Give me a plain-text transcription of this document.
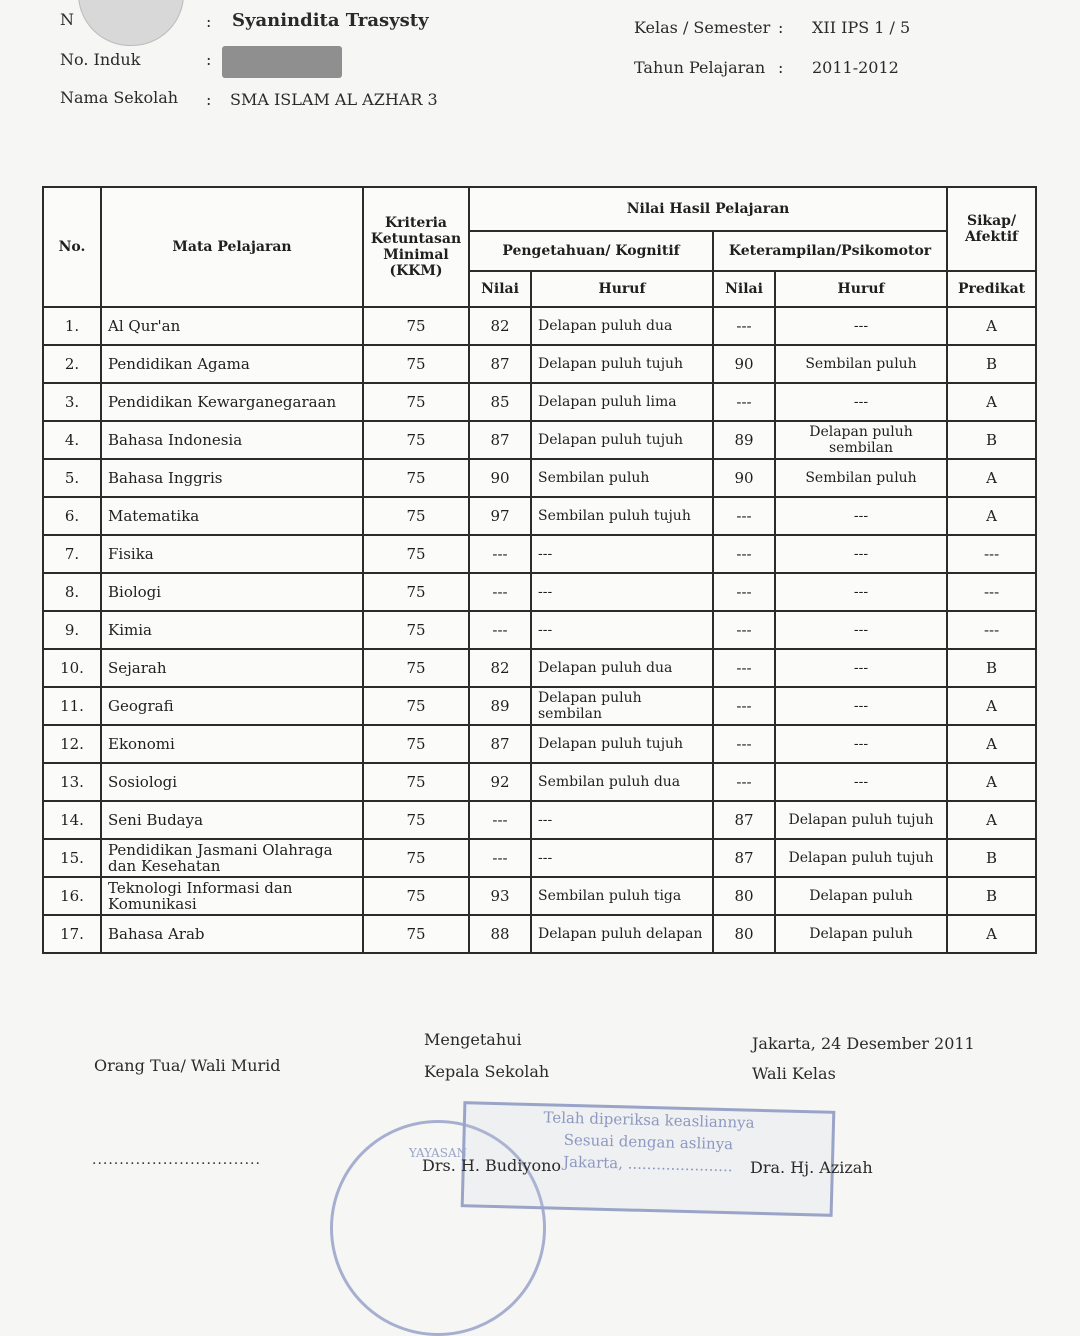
N	: Syanindita Trasysty
No. Induk	:
Nama Sekolah : SMA ISLAM AL AZHAR 3
Kelas / Semester : XII IPS 1 / 5
Tahun Pelajaran : 2011-2012
No.	Mata Pelajaran	Kriteria Ketuntasan Minimal (KKM)	Nilai Hasil Pelajaran				Sikap/ Afektif
			Pengetahuan/ Kognitif		Keterampilan/Psikomotor		
			Nilai	Huruf	Nilai	Huruf	Predikat
1.	Al Qur'an	75	82	Delapan puluh dua	---	---	A
2.	Pendidikan Agama	75	87	Delapan puluh tujuh	90	Sembilan puluh	B
3.	Pendidikan Kewarganegaraan	75	85	Delapan puluh lima	---	---	A
4.	Bahasa Indonesia	75	87	Delapan puluh tujuh	89	Delapan puluh sembilan	B
5.	Bahasa Inggris	75	90	Sembilan puluh	90	Sembilan puluh	A
6.	Matematika	75	97	Sembilan puluh tujuh	---	---	A
7.	Fisika	75	---	---	---	---	---
8.	Biologi	75	---	---	---	---	---
9.	Kimia	75	---	---	---	---	---
10.	Sejarah	75	82	Delapan puluh dua	---	---	B
11.	Geografi	75	89	Delapan puluh sembilan	---	---	A
12.	Ekonomi	75	87	Delapan puluh tujuh	---	---	A
13.	Sosiologi	75	92	Sembilan puluh dua	---	---	A
14.	Seni Budaya	75	---	---	87	Delapan puluh tujuh	A
15.	Pendidikan Jasmani Olahraga dan Kesehatan	75	---	---	87	Delapan puluh tujuh	B
16.	Teknologi Informasi dan Komunikasi	75	93	Sembilan puluh tiga	80	Delapan puluh	B
17.	Bahasa Arab	75	88	Delapan puluh delapan	80	Delapan puluh	A
Orang Tua/ Wali Murid
Mengetahui
Kepala Sekolah
Jakarta, 24 Desember 2011
Wali Kelas
YAYASAN
Telah diperiksa keasliannya
Sesuai dengan aslinya
Jakarta, ......................
...............................	Drs. H. Budiyono	Dra. Hj. Azizah
